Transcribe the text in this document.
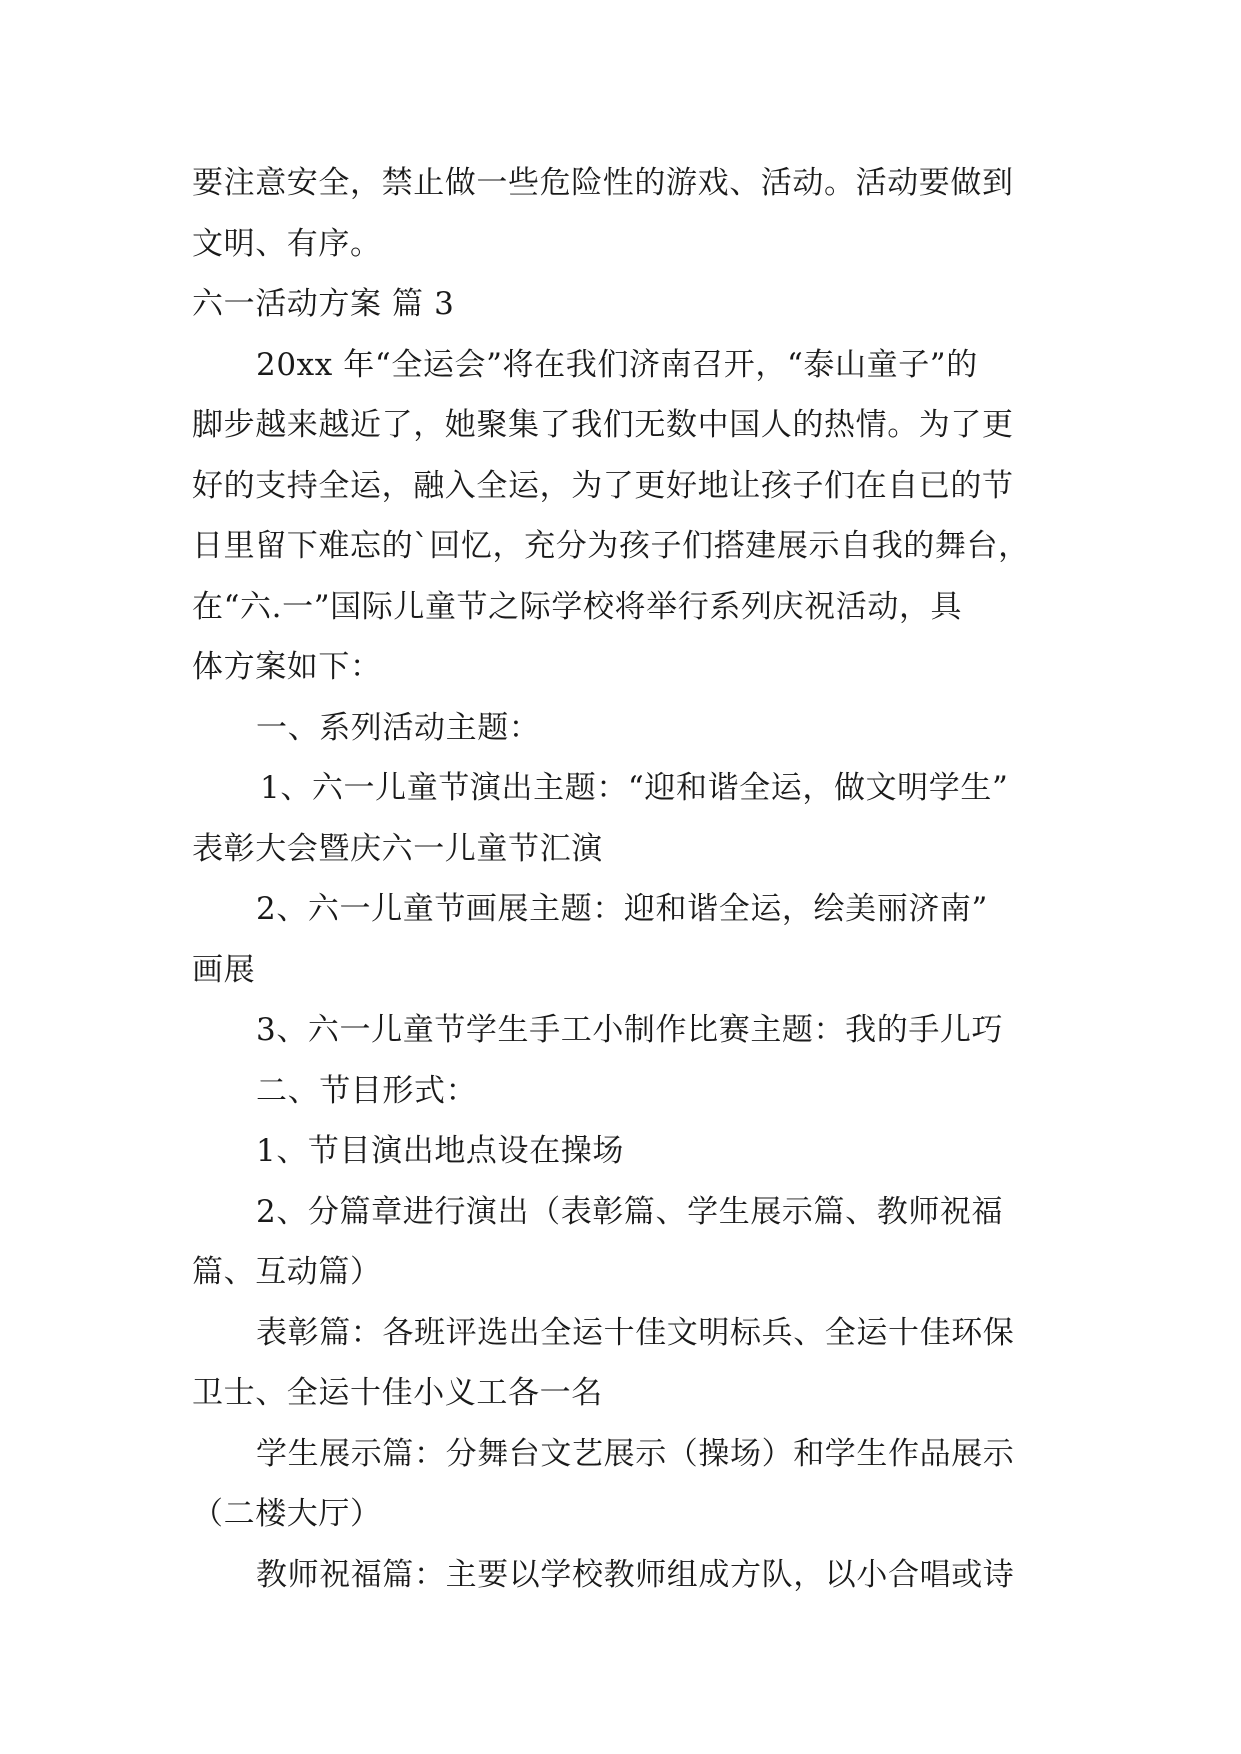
要注意安全，禁止做一些危险性的游戏、活动。活动要做到
文明、有序。
六一活动方案 篇 3
20xx 年“全运会”将在我们济南召开，“泰山童子”的
脚步越来越近了，她聚集了我们无数中国人的热情。为了更
好的支持全运，融入全运，为了更好地让孩子们在自已的节
日里留下难忘的`回忆，充分为孩子们搭建展示自我的舞台，
在“六.一”国际儿童节之际学校将举行系列庆祝活动，具
体方案如下：
一、系列活动主题：
1、六一儿童节演出主题：“迎和谐全运，做文明学生”
表彰大会暨庆六一儿童节汇演
2、六一儿童节画展主题：迎和谐全运，绘美丽济南”
画展
3、六一儿童节学生手工小制作比赛主题：我的手儿巧
二、节目形式：
1、节目演出地点设在操场
2、分篇章进行演出（表彰篇、学生展示篇、教师祝福
篇、互动篇）
表彰篇：各班评选出全运十佳文明标兵、全运十佳环保
卫士、全运十佳小义工各一名
学生展示篇：分舞台文艺展示（操场）和学生作品展示
（二楼大厅）
教师祝福篇：主要以学校教师组成方队，以小合唱或诗
